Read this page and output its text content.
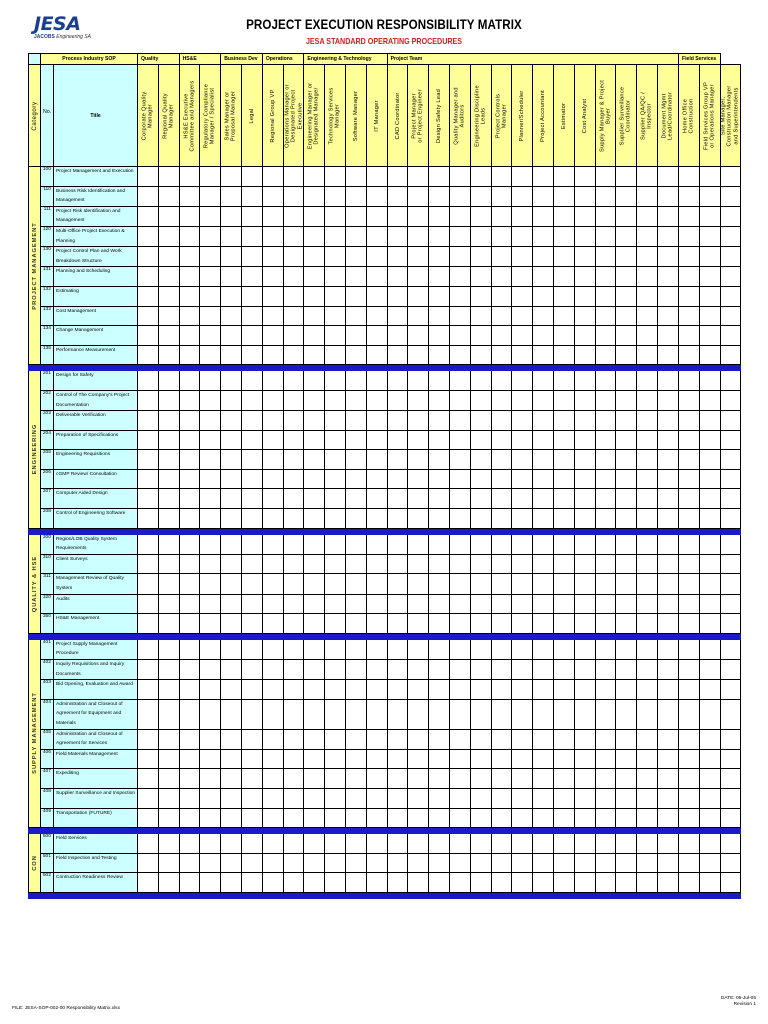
JESA
JACOBS Engineering SA
PROJECT EXECUTION RESPONSIBILITY MATRIX
JESA STANDARD OPERATING PROCEDURES
	Process Industry SOP		Quality		HS&E		Business Dev		Operations		Engineering & Technology				Project Team														Field Services		

Category	No.	Title	Corporate Quality
Manager	Regional Quality
Manager	HS&E Executive
Committee and Managers	Regulatory Compliance
Manager / Specialist	Sales Manager or
Proposal Manager	Legal	Regional Group VP	Operations Manager or
Designated Project
Executive	Engineering Manager or
Designated Manager	Technology Services
Manager	Software Manager	IT Manager	CAD Coordinator	Project Manager
or Project Engineer	Design Safety Lead	Quality Manager and
Auditors	Engineering Discipline
Leads	Project Controls
Manager	Planner/Scheduler	Project Accountant	Estimator	Cost Analyst	Supply Manager & Project
Buyer	Supplier Surveillance
Coordinator	Supplier QA/QC /
Inspector	Document Mgmt
Lead/Coordinator	Home Office
Construction	Field Services Group VP
or Operations Manager	Site Manager,
Construction Manager
and Superintendents

PROJECT MANAGEMENT	100	Project Management and Execution																													
	110	Business Risk Identification and Management																													
	111	Project Risk Identification and Management																													
	120	Multi-Office Project Execution & Planning																													
	130	Project Control Plan and Work Breakdown Structure																													
	131	Planning and Scheduling																													
	132	Estimating																													
	133	Cost Management																													
	134	Change Management																													
	135	Performance Measurement																													

ENGINEERING	201	Design for Safety																													
	202	Control of The Company's Project Documentation																													
	203	Deliverable Verification																													
	204	Preparation of Specifications																													
	205	Engineering Requisitions																													
	206	cGMP Review/ Consultation																													
	207	Computer Aided Design																													
	208	Control of Engineering Software																													

QUALITY & HSE	300	Region/LOB Quality System Requirements																													
	310	Client Surveys																													
	311	Management Review of Quality System																													
	320	Audits																													
	350	HS&E Management																													

SUPPLY MANAGEMENT	401	Project Supply Management Procedure																													
	402	Inquiry Requisitions and Inquiry Documents																													
	403	Bid Opening, Evaluation and Award																													
	404	Administration and Closeout of Agreement for Equipment and Materials																													
	405	Administration and Closeout of Agreement for Services																													
	406	Field Materials Management																													
	407	Expediting																													
	408	Supplier Surveillance and Inspection																													
	409	Transportation (FUTURE)																													

CON	500	Field Services																													
	501	Field Inspection and Testing																													
	502	Contruction Readiness Review																													

FILE: JESA-SOP-002-00 Responsibility Matrix.xlsx
DATE: 06-Jul-05
Revision 1
